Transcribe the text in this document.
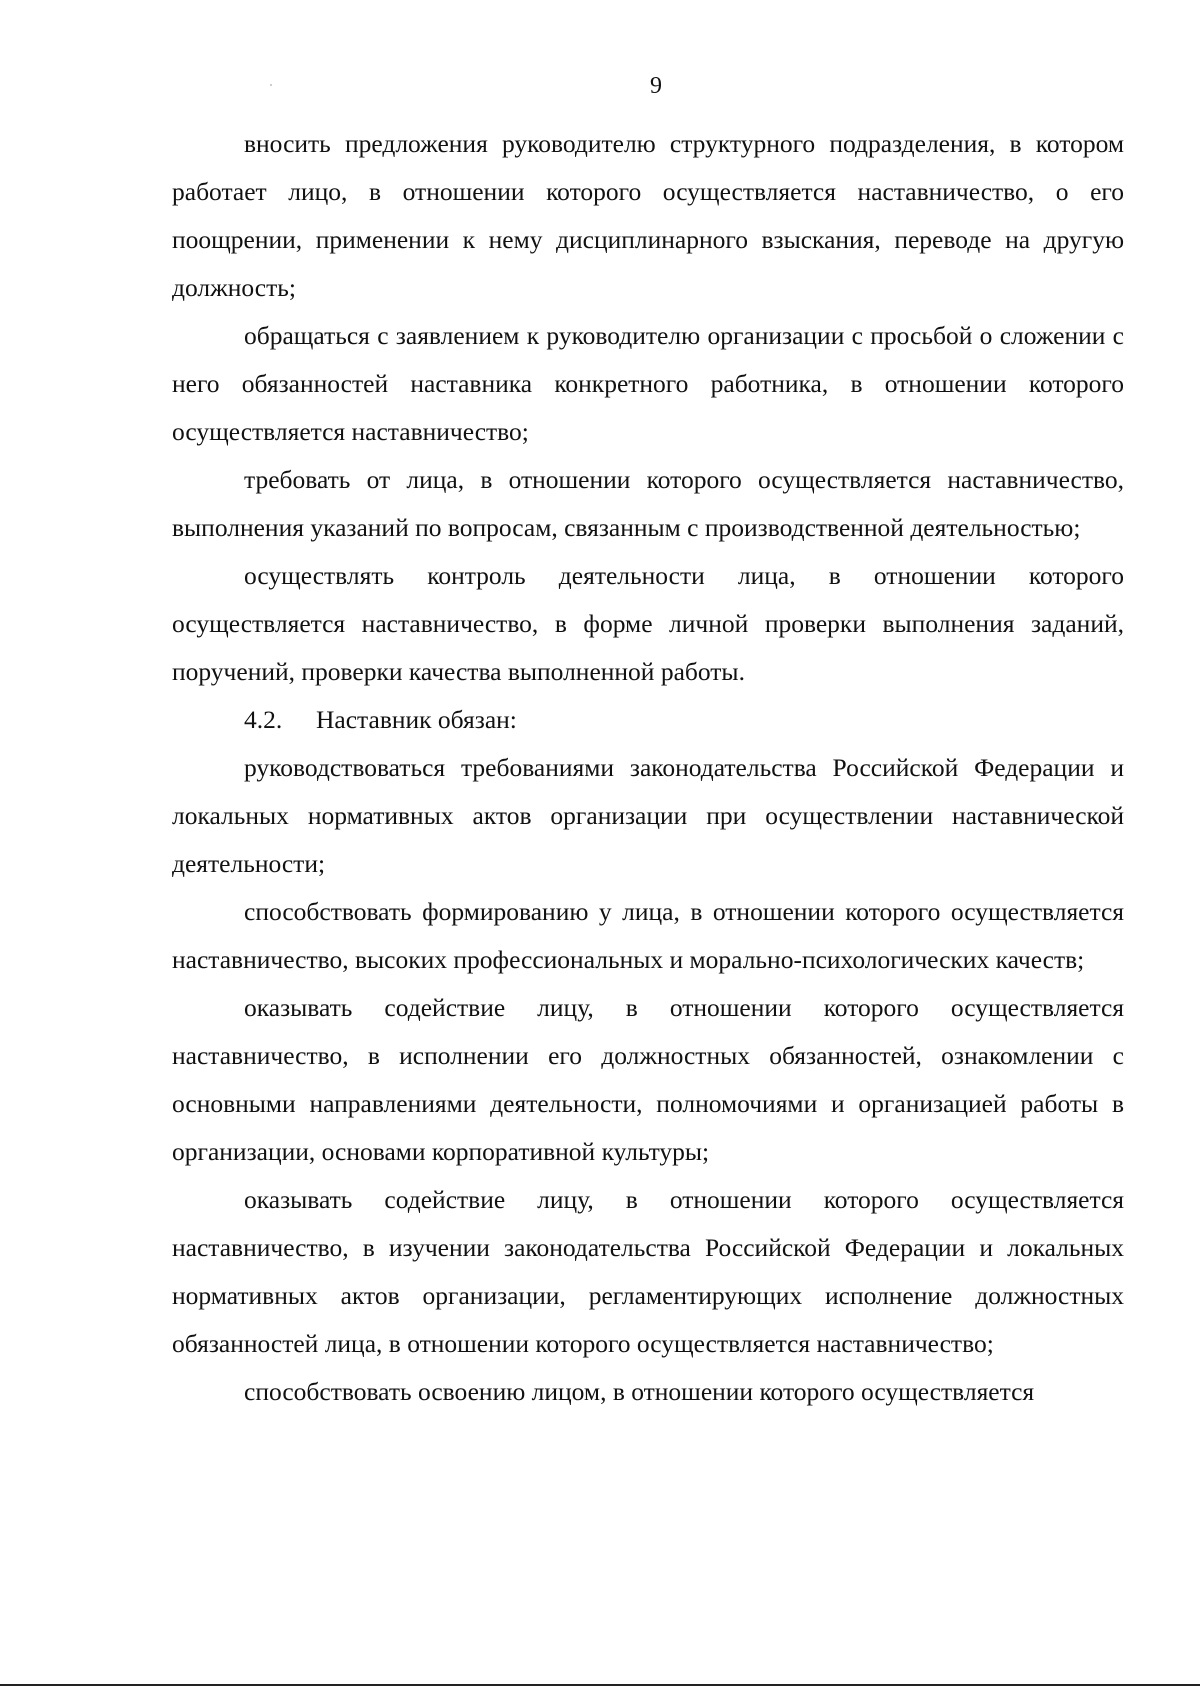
9

вносить предложения руководителю структурного подразделения, в котором работает лицо, в отношении которого осуществляется наставничество, о его поощрении, применении к нему дисциплинарного взыскания, переводе на другую должность;

обращаться с заявлением к руководителю организации с просьбой о сложении с него обязанностей наставника конкретного работника, в отношении которого осуществляется наставничество;

требовать от лица, в отношении которого осуществляется наставничество, выполнения указаний по вопросам, связанным с производственной деятельностью;

осуществлять контроль деятельности лица, в отношении которого осуществляется наставничество, в форме личной проверки выполнения заданий, поручений, проверки качества выполненной работы.

4.2. Наставник обязан:

руководствоваться требованиями законодательства Российской Федерации и локальных нормативных актов организации при осуществлении наставнической деятельности;

способствовать формированию у лица, в отношении которого осуществляется наставничество, высоких профессиональных и морально-психологических качеств;

оказывать содействие лицу, в отношении которого осуществляется наставничество, в исполнении его должностных обязанностей, ознакомлении с основными направлениями деятельности, полномочиями и организацией работы в организации, основами корпоративной культуры;

оказывать содействие лицу, в отношении которого осуществляется наставничество, в изучении законодательства Российской Федерации и локальных нормативных актов организации, регламентирующих исполнение должностных обязанностей лица, в отношении которого осуществляется наставничество;

способствовать освоению лицом, в отношении которого осуществляется
